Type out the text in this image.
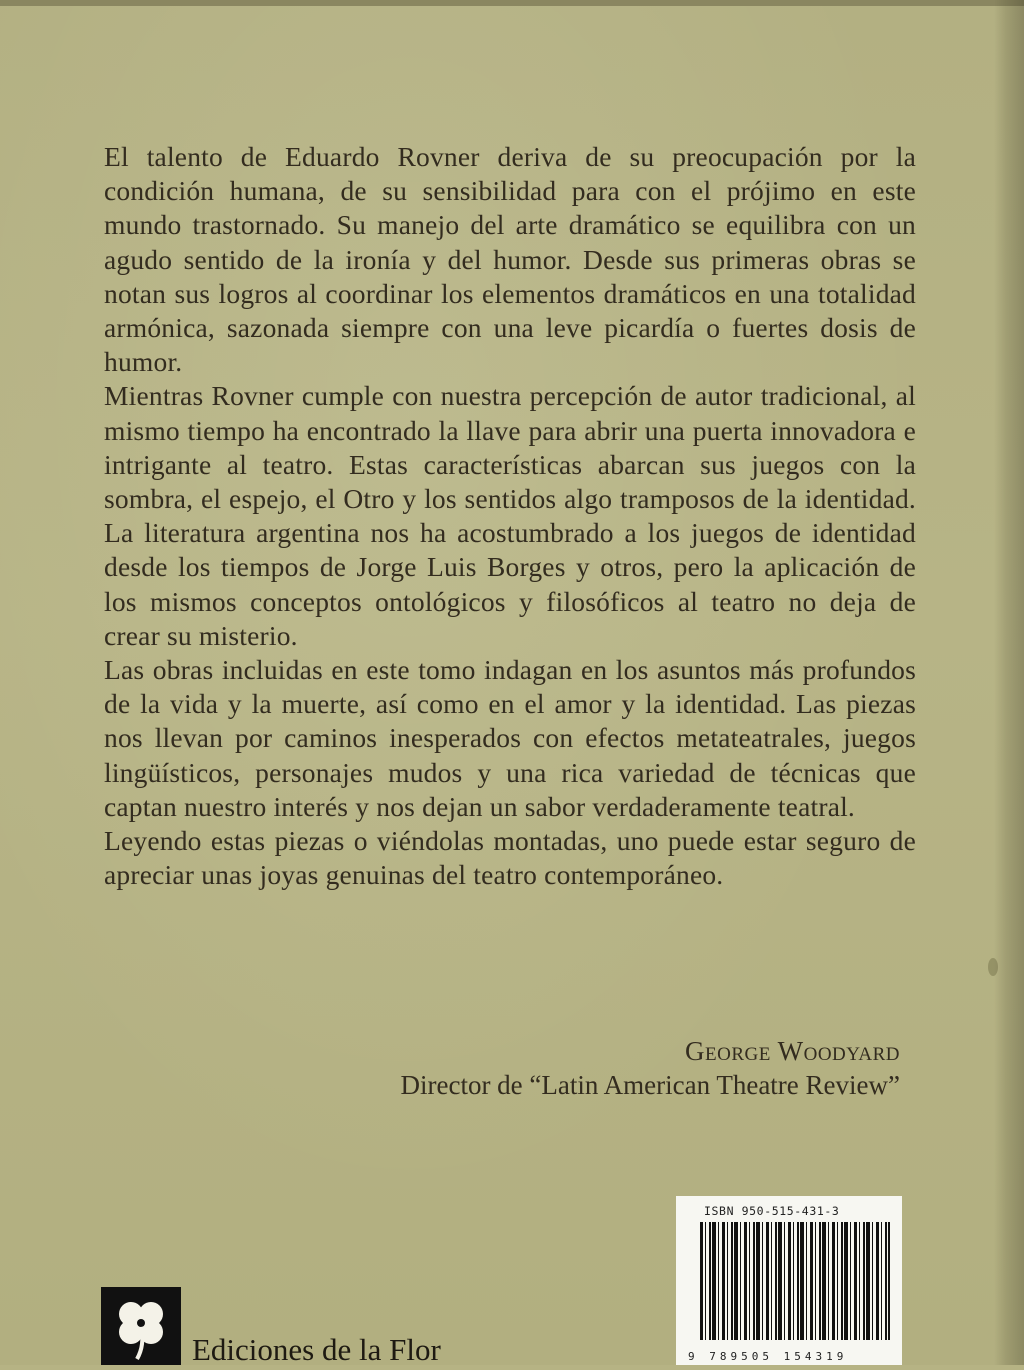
El talento de Eduardo Rovner deriva de su preocupación por la condición humana, de su sensibilidad para con el prójimo en este mundo trastornado. Su manejo del arte dramático se equilibra con un agudo sentido de la ironía y del humor. Desde sus primeras obras se notan sus logros al coordinar los elementos dramáticos en una totalidad armónica, sazonada siempre con una leve picardía o fuertes dosis de humor.

Mientras Rovner cumple con nuestra percepción de autor tradicional, al mismo tiempo ha encontrado la llave para abrir una puerta innovadora e intrigante al teatro. Estas características abarcan sus juegos con la sombra, el espejo, el Otro y los sentidos algo tramposos de la identidad. La literatura argentina nos ha acostumbrado a los juegos de identidad desde los tiempos de Jorge Luis Borges y otros, pero la aplicación de los mismos conceptos ontológicos y filosóficos al teatro no deja de crear su misterio.

Las obras incluidas en este tomo indagan en los asuntos más profundos de la vida y la muerte, así como en el amor y la identidad. Las piezas nos llevan por caminos inesperados con efectos metateatrales, juegos lingüísticos, personajes mudos y una rica variedad de técnicas que captan nuestro interés y nos dejan un sabor verdaderamente teatral.

Leyendo estas piezas o viéndolas montadas, uno puede estar seguro de apreciar unas joyas genuinas del teatro contemporáneo.

George Woodyard
Director de “Latin American Theatre Review”
Ediciones de la Flor
ISBN 950-515-431-3
9 789505 154319
